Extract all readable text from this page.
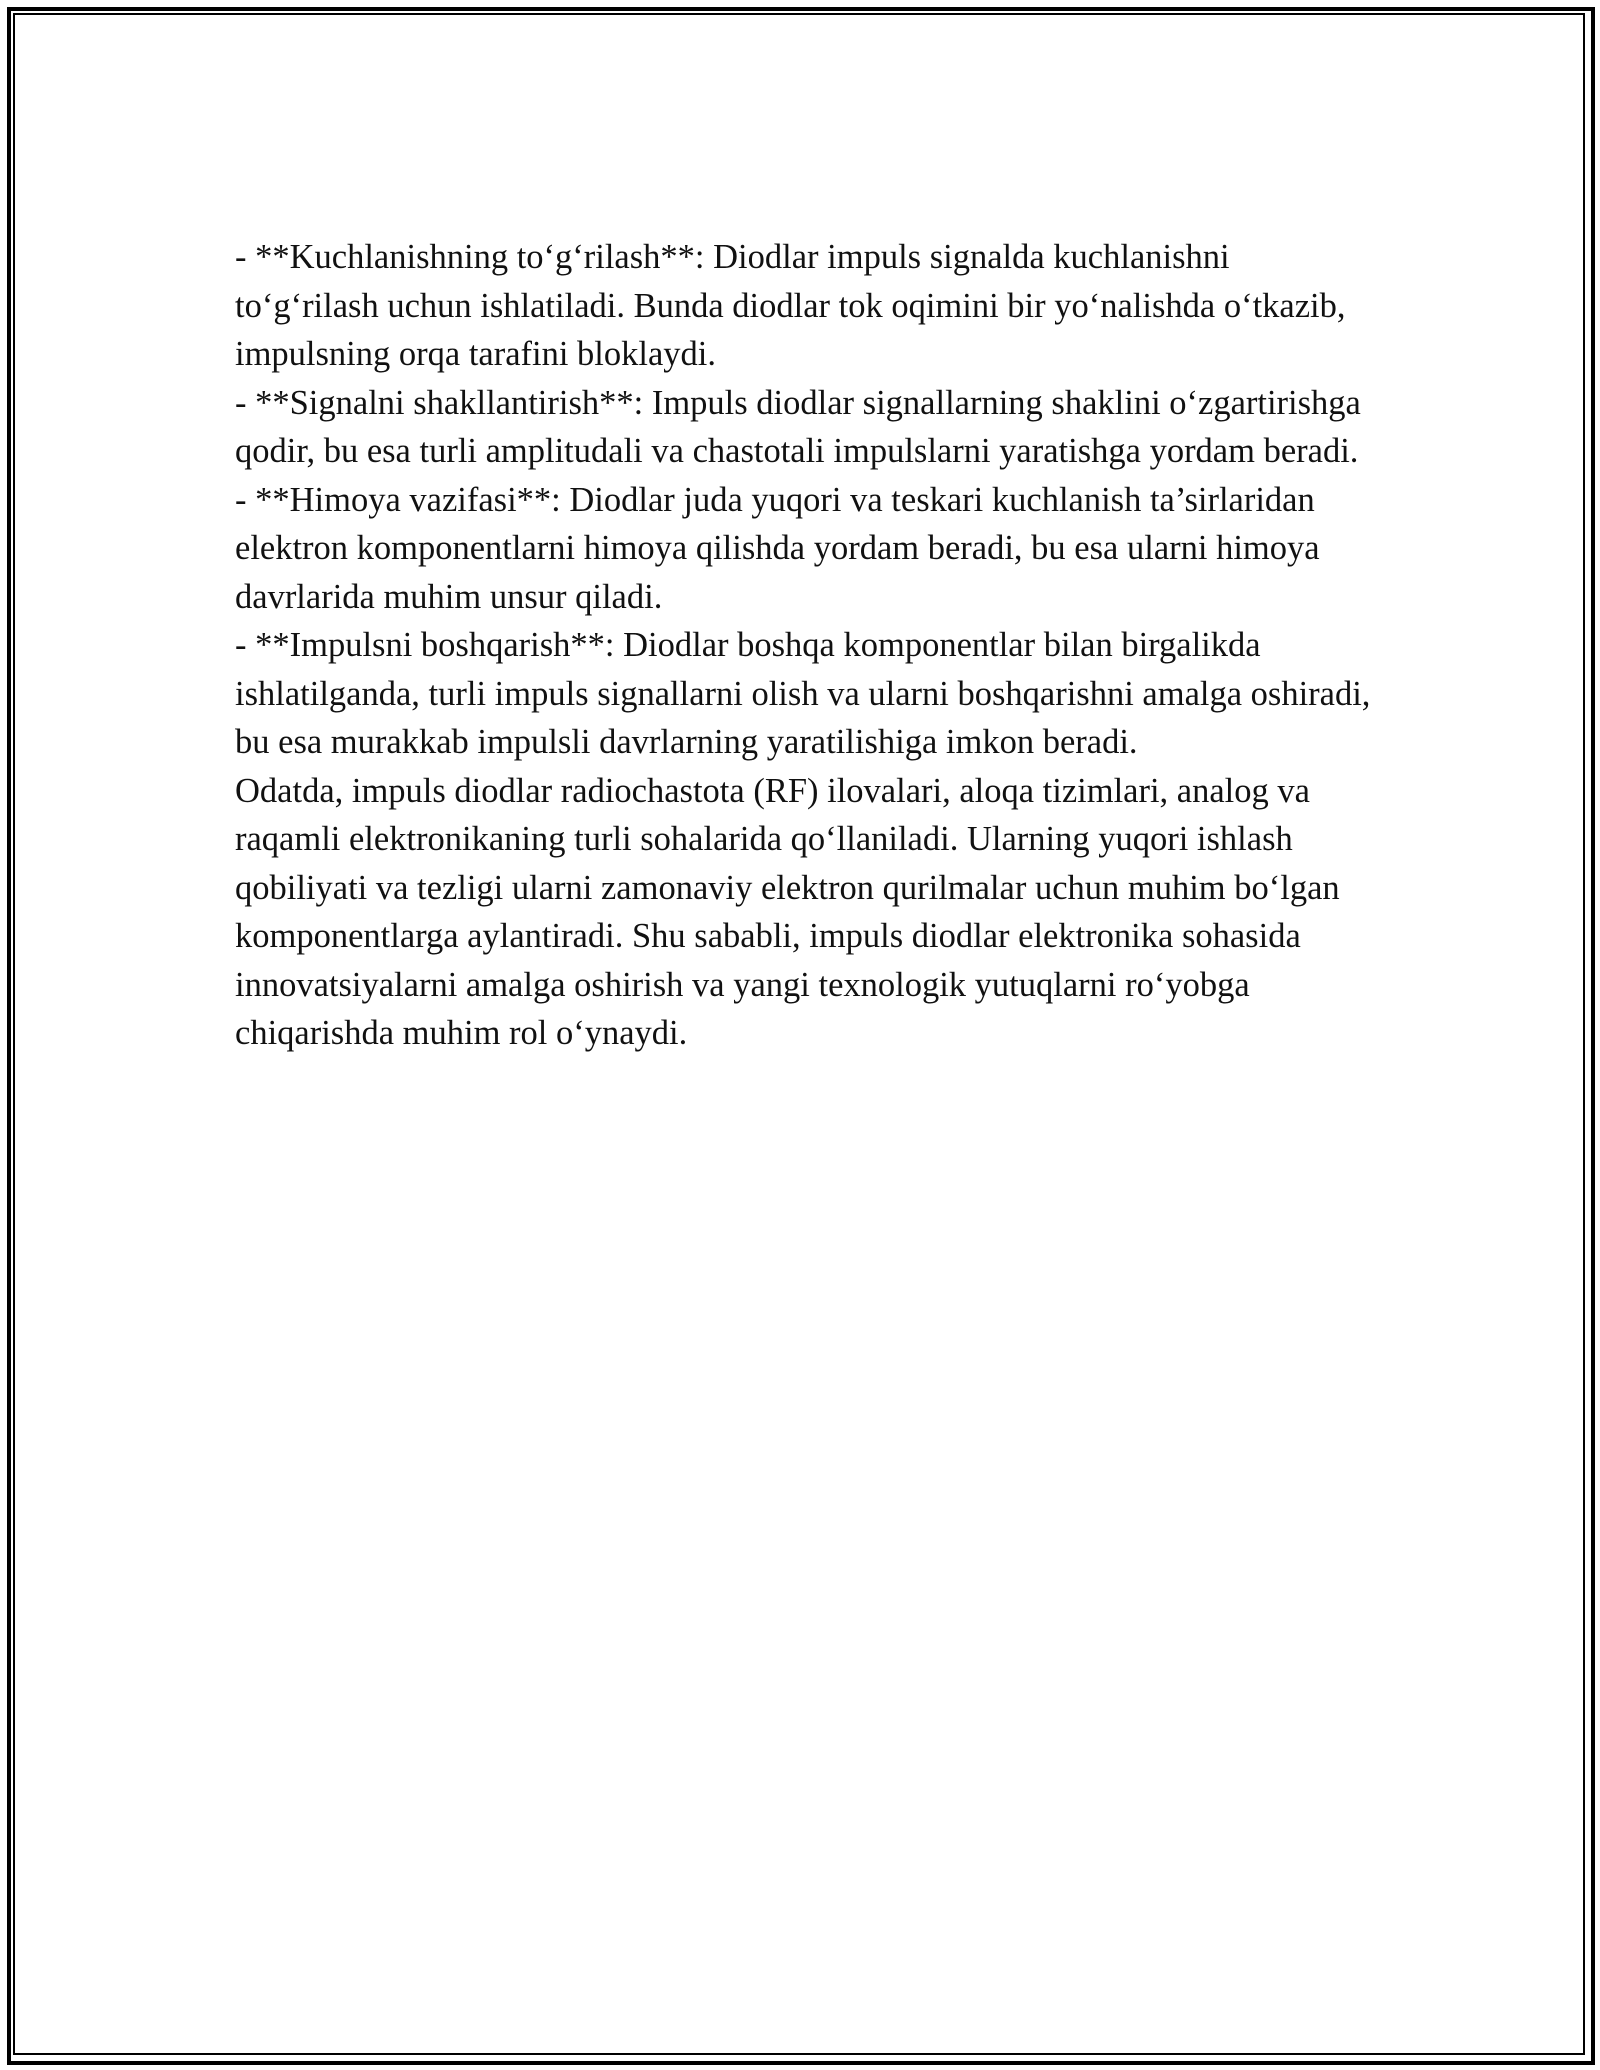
- **Kuchlanishning to‘g‘rilash**: Diodlar impuls signalda kuchlanishni to‘g‘rilash uchun ishlatiladi. Bunda diodlar tok oqimini bir yo‘nalishda o‘tkazib, impulsning orqa tarafini bloklaydi.

- **Signalni shakllantirish**: Impuls diodlar signallarning shaklini o‘zgartirishga qodir, bu esa turli amplitudali va chastotali impulslarni yaratishga yordam beradi.

- **Himoya vazifasi**: Diodlar juda yuqori va teskari kuchlanish ta’sirlaridan elektron komponentlarni himoya qilishda yordam beradi, bu esa ularni himoya davrlarida muhim unsur qiladi.

- **Impulsni boshqarish**: Diodlar boshqa komponentlar bilan birgalikda ishlatilganda, turli impuls signallarni olish va ularni boshqarishni amalga oshiradi, bu esa murakkab impulsli davrlarning yaratilishiga imkon beradi.

Odatda, impuls diodlar radiochastota (RF) ilovalari, aloqa tizimlari, analog va raqamli elektronikaning turli sohalarida qo‘llaniladi. Ularning yuqori ishlash qobiliyati va tezligi ularni zamonaviy elektron qurilmalar uchun muhim bo‘lgan komponentlarga aylantiradi. Shu sababli, impuls diodlar elektronika sohasida innovatsiyalarni amalga oshirish va yangi texnologik yutuqlarni ro‘yobga chiqarishda muhim rol o‘ynaydi.
